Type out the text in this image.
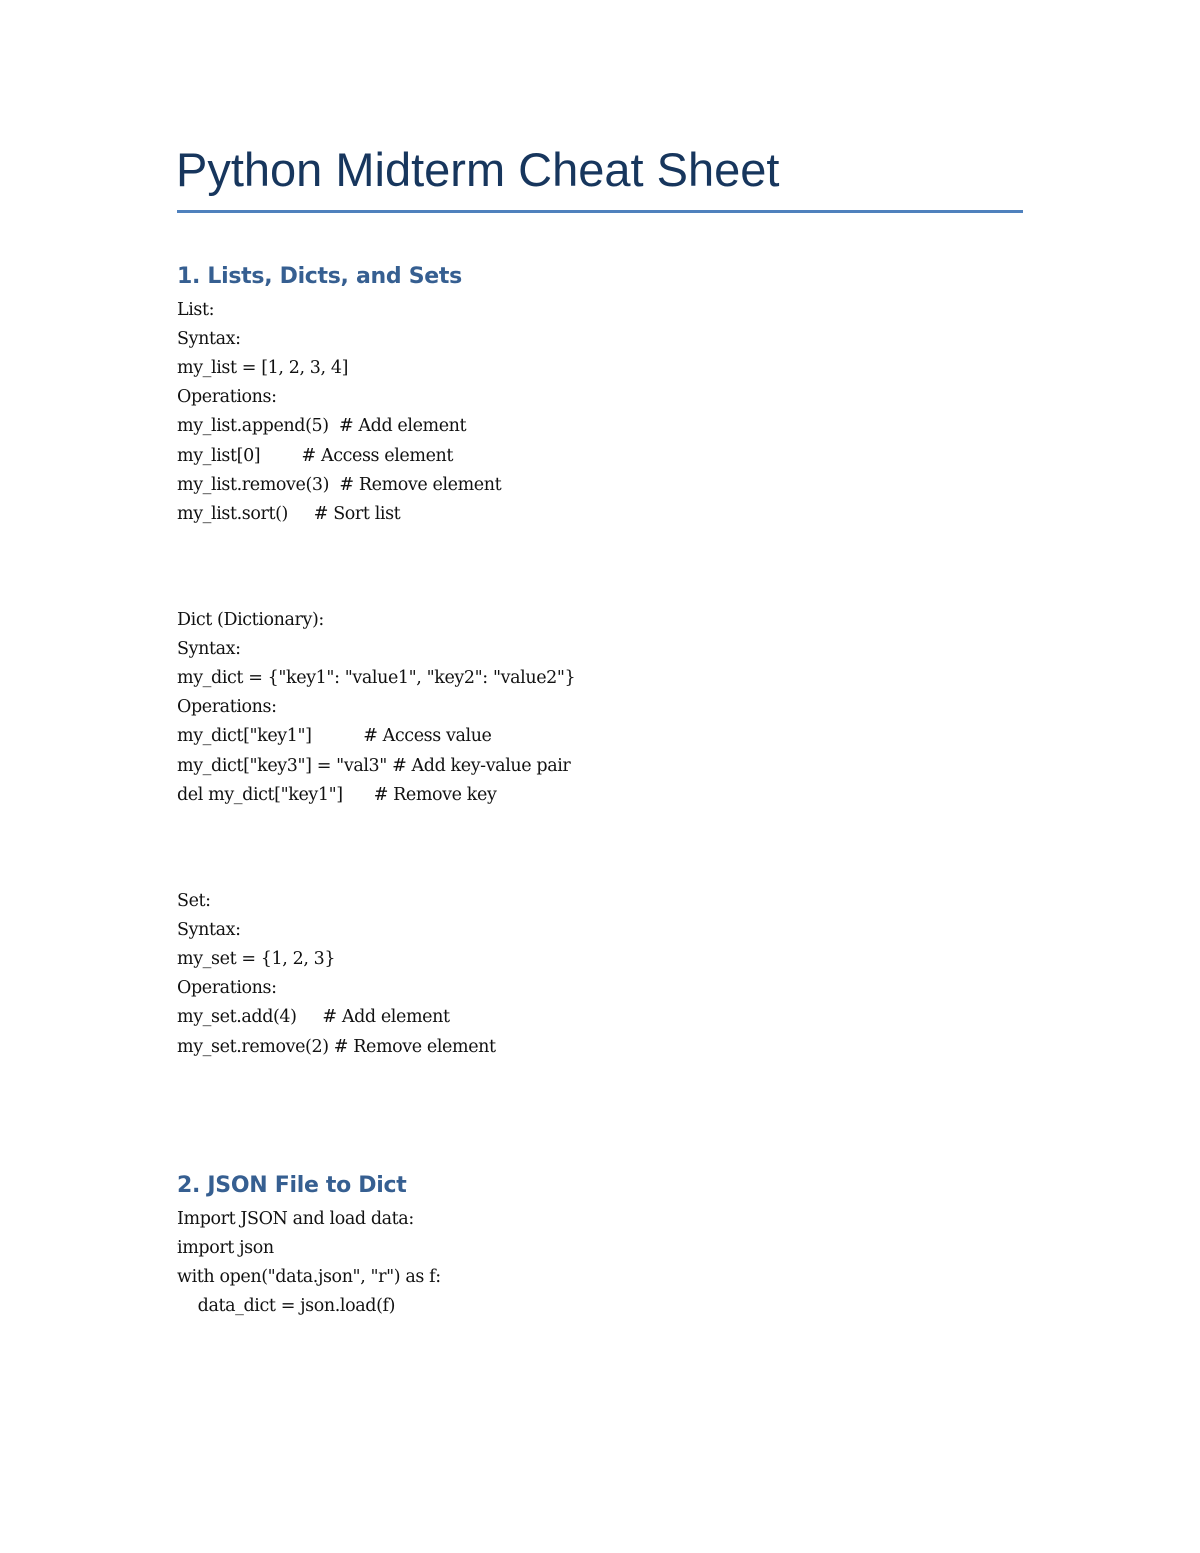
Python Midterm Cheat Sheet
1. Lists, Dicts, and Sets
List:
Syntax:
my_list = [1, 2, 3, 4]
Operations:
my_list.append(5)  # Add element
my_list[0]        # Access element
my_list.remove(3)  # Remove element
my_list.sort()     # Sort list
Dict (Dictionary):
Syntax:
my_dict = {"key1": "value1", "key2": "value2"}
Operations:
my_dict["key1"]          # Access value
my_dict["key3"] = "val3" # Add key-value pair
del my_dict["key1"]      # Remove key
Set:
Syntax:
my_set = {1, 2, 3}
Operations:
my_set.add(4)     # Add element
my_set.remove(2) # Remove element
2. JSON File to Dict
Import JSON and load data:
import json
with open("data.json", "r") as f:
data_dict = json.load(f)
